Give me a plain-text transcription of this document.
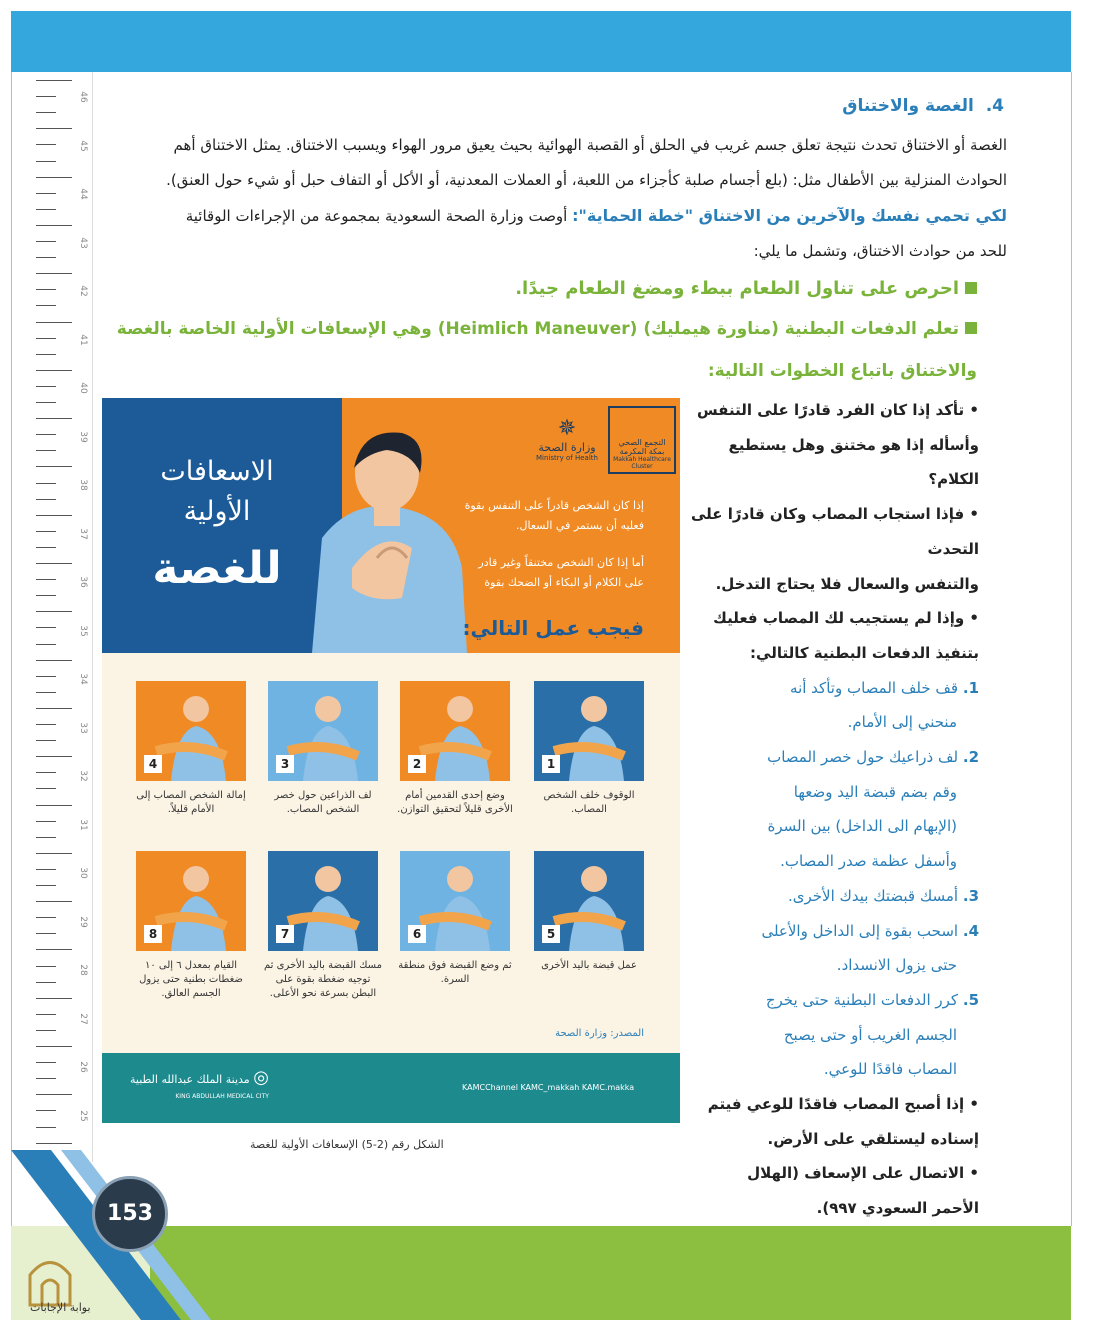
46
45
44
43
42
41
40
39
38
37
36
35
34
33
32
31
30
29
28
27
26
25
4.  الغصة والاختناق
الغصة أو الاختناق تحدث نتيجة تعلق جسم غريب في الحلق أو القصبة الهوائية بحيث يعيق مرور الهواء ويسبب الاختناق. يمثل الاختناق أهم
الحوادث المنزلية بين الأطفال مثل: (بلع أجسام صلبة كأجزاء من اللعبة، أو العملات المعدنية، أو الأكل أو التفاف حبل أو شيء حول العنق).
لكي تحمي نفسك والآخرين من الاختناق "خطة الحماية": أوصت وزارة الصحة السعودية بمجموعة من الإجراءات الوقائية
للحد من حوادث الاختناق، وتشمل ما يلي:
احرص على تناول الطعام ببطء ومضغ الطعام جيدًا.
تعلم الدفعات البطنية (مناورة هيمليك) (Heimlich Maneuver) وهي الإسعافات الأولية الخاصة بالغصة
والاختناق باتباع الخطوات التالية:
• تأكد إذا كان الفرد قادرًا على التنفس
وأسأله إذا هو مختنق وهل يستطيع الكلام؟
• فإذا استجاب المصاب وكان قادرًا على التحدث
والتنفس والسعال فلا يحتاج التدخل.
• وإذا لم يستجيب لك المصاب فعليك
بتنفيذ الدفعات البطنية كالتالي:
1. قف خلف المصاب وتأكد أنه
منحني إلى الأمام.
2. لف ذراعيك حول خصر المصاب
وقم بضم قبضة اليد وضعها
(الإبهام الى الداخل) بين السرة
وأسفل عظمة صدر المصاب.
3. أمسك قبضتك بيدك الأخرى.
4. اسحب بقوة إلى الداخل والأعلى
حتى يزول الانسداد.
5. كرر الدفعات البطنية حتى يخرج
الجسم الغريب أو حتى يصبح
المصاب فاقدًا للوعي.
• إذا أصبح المصاب فاقدًا للوعي فيتم
إسناده ليستلقي على الأرض.
• الاتصال على الإسعاف (الهلال
الأحمر السعودي ٩٩٧).
الاسعافات
الأولية
للغصة
✵
وزارة الصحة
Ministry of Health
التجمع الصحي بمكة المكرمة
Makkah Healthcare Cluster
إذا كان الشخص قادراً على التنفس بقوة فعليه أن يستمر في السعال.
أما إذا كان الشخص مختنقاً وغير قادر على الكلام أو البكاء أو الضحك بقوة
فيجب عمل التالي:
1
الوقوف خلف الشخص المصاب.
2
وضع إحدى القدمين أمام الأخرى قليلاً لتحقيق التوازن.
3
لف الذراعين حول خصر الشخص المصاب.
4
إمالة الشخص المصاب إلى الأمام قليلاً.
5
عمل قبضة باليد الأخرى
6
ثم وضع القبضة فوق منطقة السرة.
7
مسك القبضة باليد الأخرى ثم توجيه ضغطة بقوة على البطن بسرعة نحو الأعلى.
8
القيام بمعدل ٦ إلى ١٠ ضغطات بطنية حتى يزول الجسم العالق.
المصدر: وزارة الصحة
◎ مدينة الملك عبدالله الطبية
KING ABDULLAH MEDICAL CITY
KAMCChannel KAMC_makkah KAMC.makka
الشكل رقم (2-5) الإسعافات الأولية للغصة
153
بوابة الإجابات
